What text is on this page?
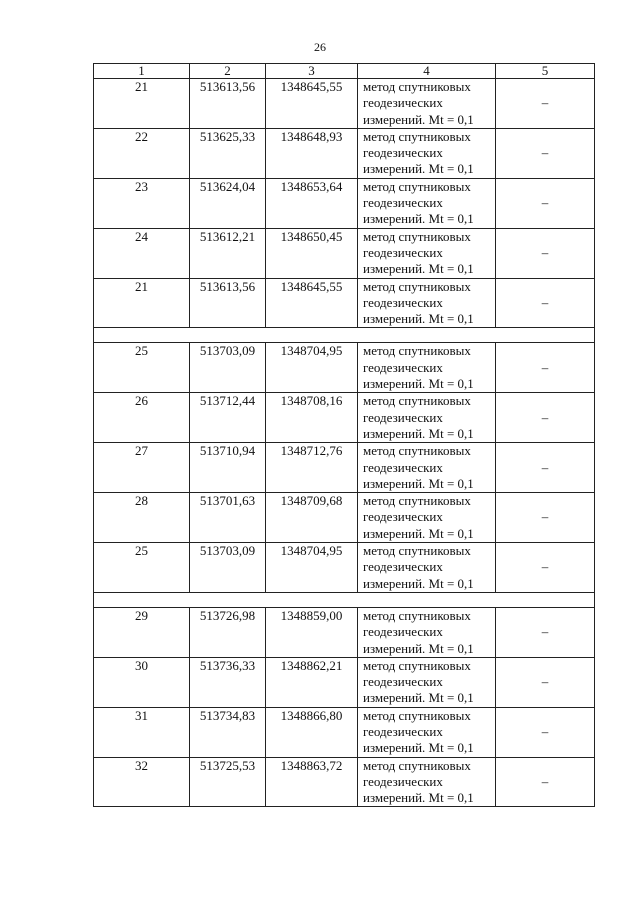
26
1	2	3	4	5
21	513613,56	1348645,55	метод спутниковых
геодезических
измерений. Mt = 0,1	–
22	513625,33	1348648,93	метод спутниковых
геодезических
измерений. Mt = 0,1	–
23	513624,04	1348653,64	метод спутниковых
геодезических
измерений. Mt = 0,1	–
24	513612,21	1348650,45	метод спутниковых
геодезических
измерений. Mt = 0,1	–
21	513613,56	1348645,55	метод спутниковых
геодезических
измерений. Mt = 0,1	–

25	513703,09	1348704,95	метод спутниковых
геодезических
измерений. Mt = 0,1	–
26	513712,44	1348708,16	метод спутниковых
геодезических
измерений. Mt = 0,1	–
27	513710,94	1348712,76	метод спутниковых
геодезических
измерений. Mt = 0,1	–
28	513701,63	1348709,68	метод спутниковых
геодезических
измерений. Mt = 0,1	–
25	513703,09	1348704,95	метод спутниковых
геодезических
измерений. Mt = 0,1	–

29	513726,98	1348859,00	метод спутниковых
геодезических
измерений. Mt = 0,1	–
30	513736,33	1348862,21	метод спутниковых
геодезических
измерений. Mt = 0,1	–
31	513734,83	1348866,80	метод спутниковых
геодезических
измерений. Mt = 0,1	–
32	513725,53	1348863,72	метод спутниковых
геодезических
измерений. Mt = 0,1	–
